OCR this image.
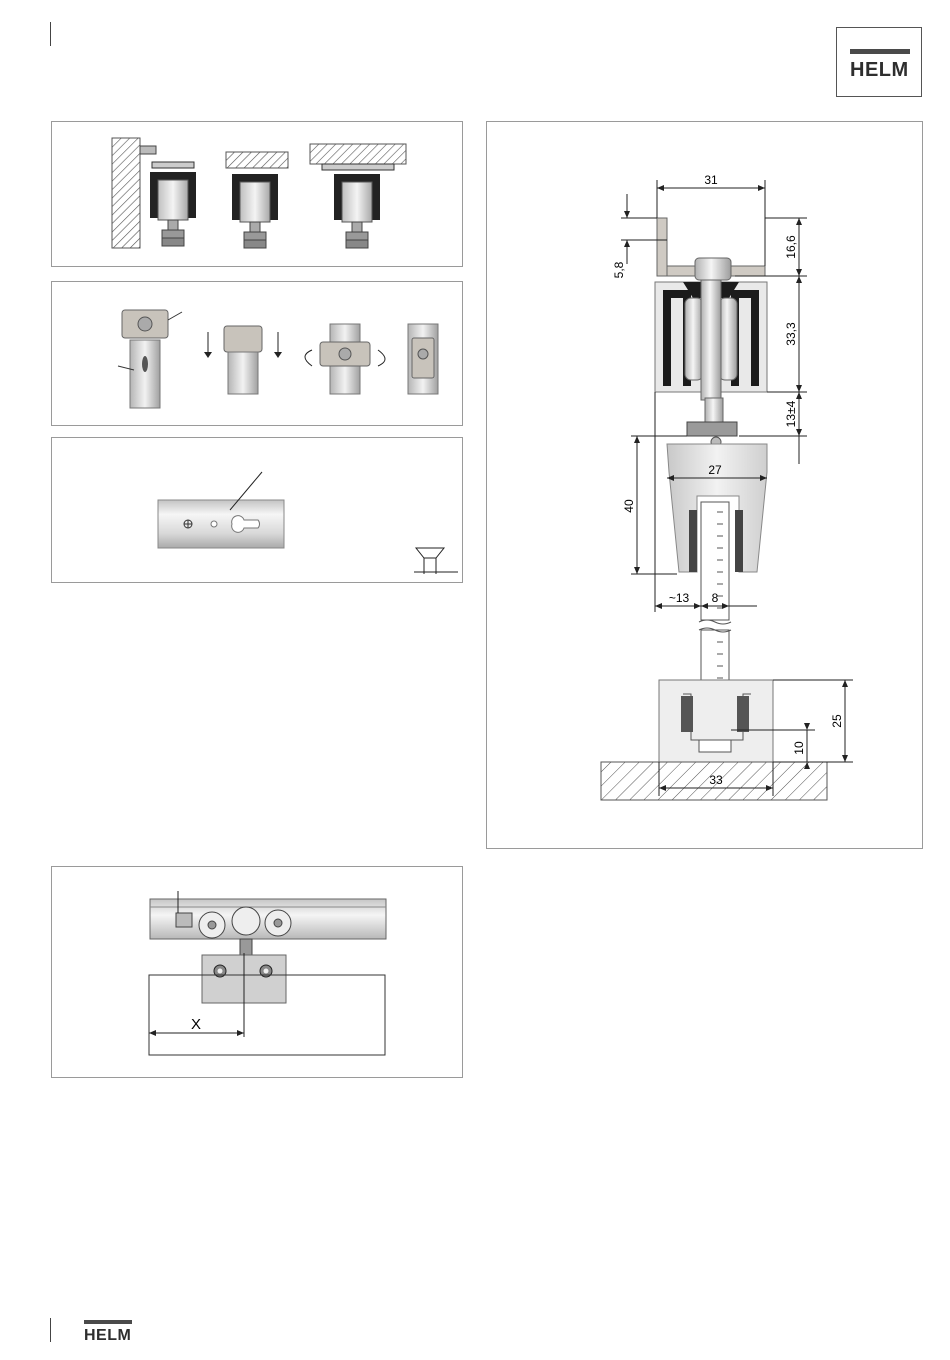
HELM
31
5,8
16,6
33,3
13±4
27
40
~13 8
25
10
33
X
HELM
